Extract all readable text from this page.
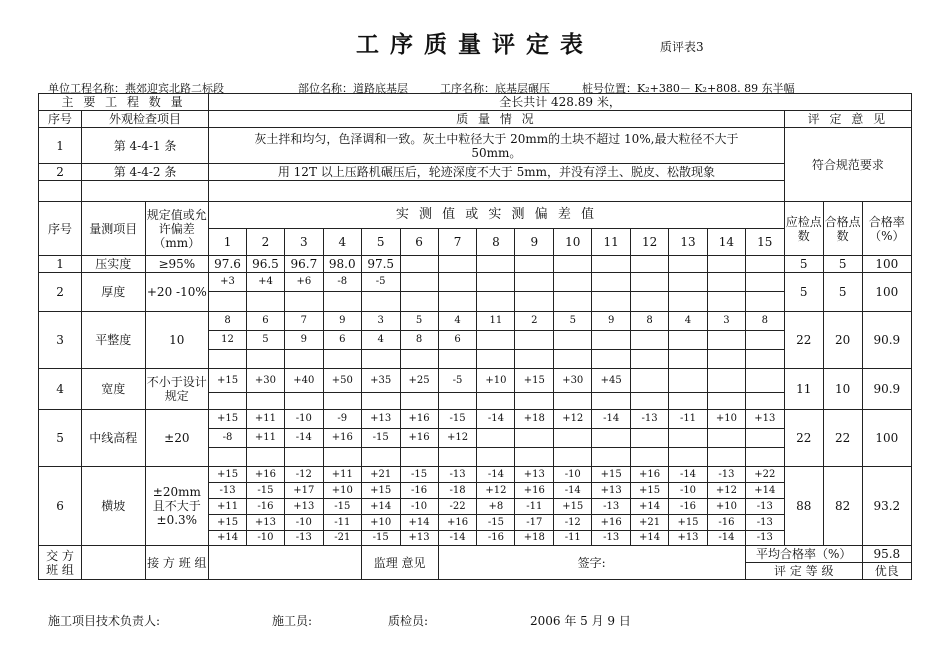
工序质量评定表	质评表3
单位工程名称：燕郊迎宾北路二标段	部位名称：道路底基层	工序名称：底基层碾压	桩号位置：K₂+380－ K₂+808. 89 东半幅
主 要 工 程 数 量			全长共计 428.89 米，																	
序号	外观检查项目		质 量 情 况															评 定 意 见		
1	第 4-4-1 条		灰土拌和均匀，色泽调和一致。灰土中粒径大于 20mm的土块不超过 10%,最大粒径不大于 50mm。															符合规范要求		
2	第 4-4-2 条		用 12T 以上压路机碾压后，轮迹深度不大于 5mm，并没有浮土、脱皮、松散现象																	

序号	量测项目	规定值或允许偏差（mm）	实 测 值 或 实 测 偏 差 值															应检点数	合格点数	合格率（%）
			1	2	3	4	5	6	7	8	9	10	11	12	13	14	15			
1	压实度	≥95%	97.6	96.5	96.7	98.0	97.5											5	5	100
2	厚度	+20 -10%	+3	+4	+6	-8	-5											5	5	100

3	平整度	10	8	6	7	9	3	5	4	11	2	5	9	8	4	3	8	22	20	90.9
			12	5	9	6	4	8	6											

4	宽度	不小于设计规定	+15	+30	+40	+50	+35	+25	-5	+10	+15	+30	+45					11	10	90.9

5	中线高程	±20	+15	+11	-10	-9	+13	+16	-15	-14	+18	+12	-14	-13	-11	+10	+13	22	22	100
			-8	+11	-14	+16	-15	+16	+12											

6	横坡	±20mm 且不大于±0.3%	+15	+16	-12	+11	+21	-15	-13	-14	+13	-10	+15	+16	-14	-13	+22	88	82	93.2
			-13	-15	+17	+10	+15	-16	-18	+12	+16	-14	+13	+15	-10	+12	+14			
			+11	-16	+13	-15	+14	-10	-22	+8	-11	+15	-13	+14	-16	+10	-13			
			+15	+13	-10	-11	+10	+14	+16	-15	-17	-12	+16	+21	+15	-16	-13			
			+14	-10	-13	-21	-15	+13	-14	-16	+18	-11	-13	+14	+13	-14	-13			
交 方 班 组		接 方 班 组					监理 意见		签字:								平均合格率（%）			95.8
																	评 定 等 级			优良
施工项目技术负责人:	施工员:	质检员:	2006 年 5 月 9 日
